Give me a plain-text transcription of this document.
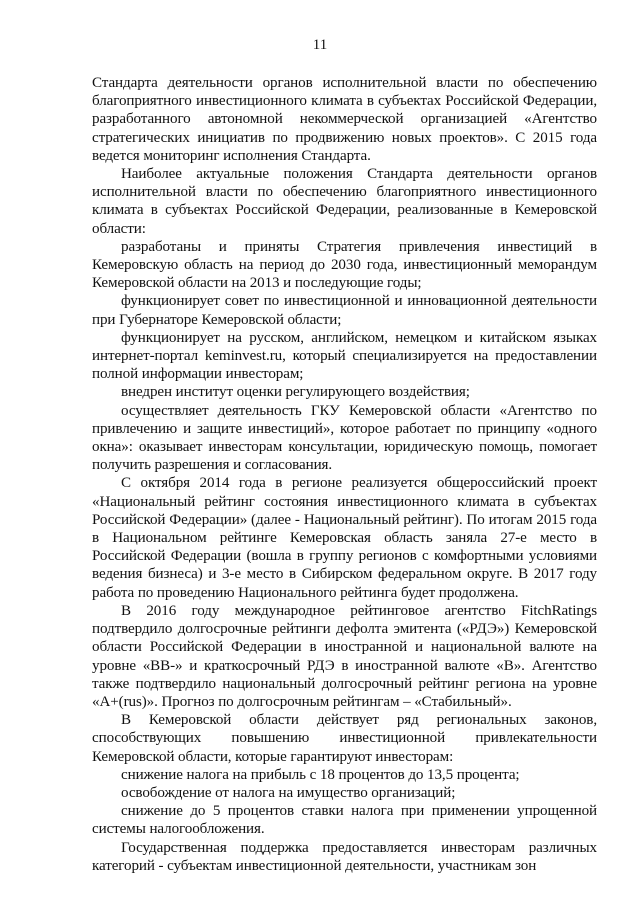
11

Стандарта деятельности органов исполнительной власти по обеспечению благоприятного инвестиционного климата в субъектах Российской Федерации, разработанного автономной некоммерческой организацией «Агентство стратегических инициатив по продвижению новых проектов». С 2015 года ведется мониторинг исполнения Стандарта.

Наиболее актуальные положения Стандарта деятельности органов исполнительной власти по обеспечению благоприятного инвестиционного климата в субъектах Российской Федерации, реализованные в Кемеровской области:

разработаны и приняты Стратегия привлечения инвестиций в Кемеровскую область на период до 2030 года, инвестиционный меморандум Кемеровской области на 2013 и последующие годы;

функционирует совет по инвестиционной и инновационной деятельности при Губернаторе Кемеровской области;

функционирует на русском, английском, немецком и китайском языках интернет-портал keminvest.ru, который специализируется на предоставлении полной информации инвесторам;

внедрен институт оценки регулирующего воздействия;

осуществляет деятельность ГКУ Кемеровской области «Агентство по привлечению и защите инвестиций», которое работает по принципу «одного окна»: оказывает инвесторам консультации, юридическую помощь, помогает получить разрешения и согласования.

С октября 2014 года в регионе реализуется общероссийский проект «Национальный рейтинг состояния инвестиционного климата в субъектах Российской Федерации» (далее - Национальный рейтинг). По итогам 2015 года в Национальном рейтинге Кемеровская область заняла 27-е место в Российской Федерации (вошла в группу регионов с комфортными условиями ведения бизнеса) и 3-е место в Сибирском федеральном округе. В 2017 году работа по проведению Национального рейтинга будет продолжена.

В 2016 году международное рейтинговое агентство FitchRatings подтвердило долгосрочные рейтинги дефолта эмитента («РДЭ») Кемеровской области Российской Федерации в иностранной и национальной валюте на уровне «ВВ-» и краткосрочный РДЭ в иностранной валюте «В». Агентство также подтвердило национальный долгосрочный рейтинг региона на уровне «A+(rus)». Прогноз по долгосрочным рейтингам – «Стабильный».

В Кемеровской области действует ряд региональных законов, способствующих повышению инвестиционной привлекательности Кемеровской области, которые гарантируют инвесторам:

снижение налога на прибыль с 18 процентов до 13,5 процента;

освобождение от налога на имущество организаций;

снижение до 5 процентов ставки налога при применении упрощенной системы налогообложения.

Государственная поддержка предоставляется инвесторам различных категорий - субъектам инвестиционной деятельности, участникам зон
